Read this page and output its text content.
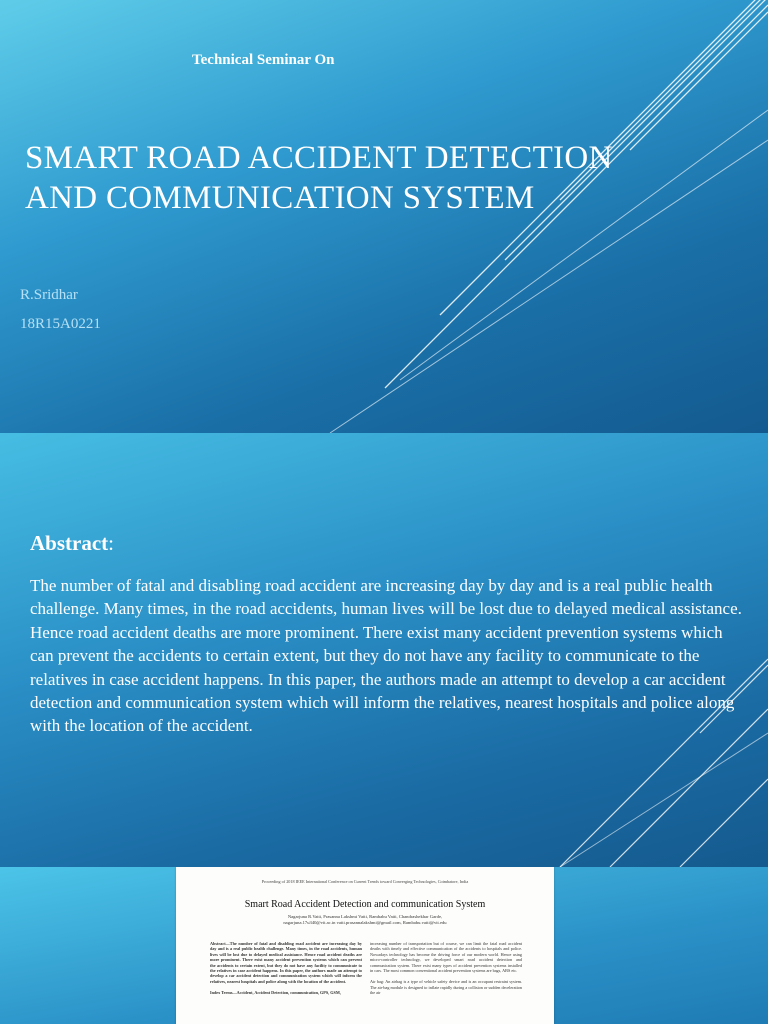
Technical Seminar On
SMART ROAD ACCIDENT DETECTION
AND COMMUNICATION SYSTEM
R.Sridhar
18R15A0221
Abstract:
The number of fatal and disabling road accident are increasing day by day and is a real public health challenge. Many times, in the road accidents, human lives will be lost due to delayed medical assistance. Hence road accident deaths are more prominent. There exist many accident prevention systems which can prevent the accidents to certain extent, but they do not have any facility to communicate to the relatives in case accident happens. In this paper, the authors made an attempt to develop a car accident detection and communication system which will inform the relatives, nearest hospitals and police along with the location of the accident.
Proceeding of 2018 IEEE International Conference on Current Trends toward Converging Technologies, Coimbatore, India
Smart Road Accident Detection and communication System
Nagarjuna R.Vatti, Prasanna Lakshmi Vatti, Rambabu Vatti, Chandrashekhar Garde,
nagarjuna.17u340@vit.ac.in vatti.prasannalakshmi@gmail.com, Rambabu.vatti@vit.edu
Abstract—The number of fatal and disabling road accident are increasing day by day and is a real public health challenge. Many times, in the road accidents, human lives will be lost due to delayed medical assistance. Hence road accident deaths are more prominent. There exist many accident prevention systems which can prevent the accidents to certain extent, but they do not have any facility to communicate to the relatives in case accident happens. In this paper, the authors made an attempt to develop a car accident detection and communication system which will inform the relatives, nearest hospitals and police along with the location of the accident.
Index Terms—Accident, Accident Detection, communication, GPS, GSM,
increasing number of transportation but of course, we can limit the fatal road accident deaths with timely and effective communication of the accidents to hospitals and police. Nowadays technology has become the driving force of our modern world. Hence using micro-controller technology, we developed smart road accident detection and communication system. There exist many types of accident prevention systems installed in cars. The most common conventional accident prevention systems are bags, ABS etc.
Air bag: An airbag is a type of vehicle safety device and is an occupant restraint system. The air-bag module is designed to inflate rapidly during a collision or sudden deceleration the air
